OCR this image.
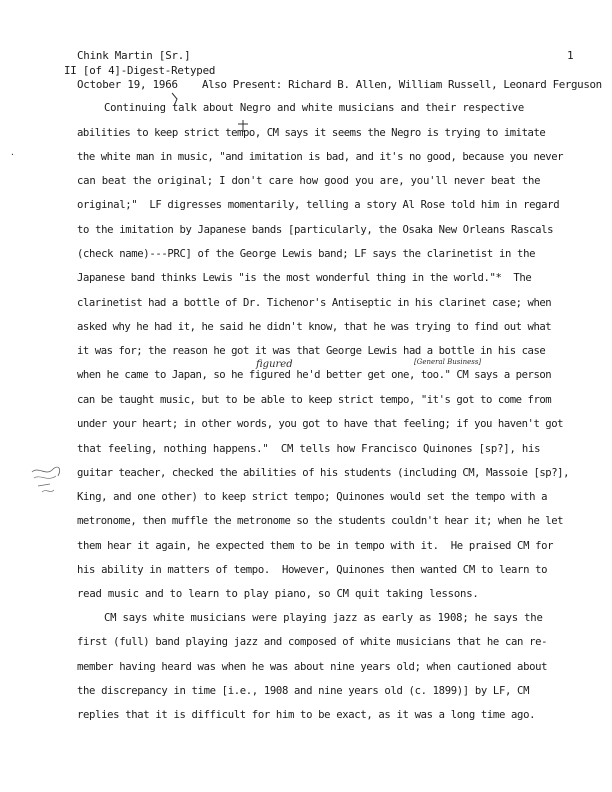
Chink Martin [Sr.]	1
II [of 4]-Digest-Retyped
October 19, 1966 Also Present: Richard B. Allen, William Russell, Leonard Ferguson
Continuing talk about Negro and white musicians and their respective
abilities to keep strict tempo, CM says it seems the Negro is trying to imitate
the white man in music, "and imitation is bad, and it's no good, because you never
can beat the original; I don't care how good you are, you'll never beat the
original;"  LF digresses momentarily, telling a story Al Rose told him in regard
to the imitation by Japanese bands [particularly, the Osaka New Orleans Rascals
(check name)---PRC] of the George Lewis band; LF says the clarinetist in the
Japanese band thinks Lewis "is the most wonderful thing in the world."*  The
clarinetist had a bottle of Dr. Tichenor's Antiseptic in his clarinet case; when
asked why he had it, he said he didn't know, that he was trying to find out what
it was for; the reason he got it was that George Lewis had a bottle in his case
when he came to Japan, so he figured he'd better get one, too." CM says a person
can be taught music, but to be able to keep strict tempo, "it's got to come from
under your heart; in other words, you got to have that feeling; if you haven't got
that feeling, nothing happens."  CM tells how Francisco Quinones [sp?], his
guitar teacher, checked the abilities of his students (including CM, Massoie [sp?],
King, and one other) to keep strict tempo; Quinones would set the tempo with a
metronome, then muffle the metronome so the students couldn't hear it; when he let
them hear it again, he expected them to be in tempo with it.  He praised CM for
his ability in matters of tempo.  However, Quinones then wanted CM to learn to
read music and to learn to play piano, so CM quit taking lessons.
CM says white musicians were playing jazz as early as 1908; he says the
first (full) band playing jazz and composed of white musicians that he can re-
member having heard was when he was about nine years old; when cautioned about
the discrepancy in time [i.e., 1908 and nine years old (c. 1899)] by LF, CM
replies that it is difficult for him to be exact, as it was a long time ago.
figured	[General Business]
·
